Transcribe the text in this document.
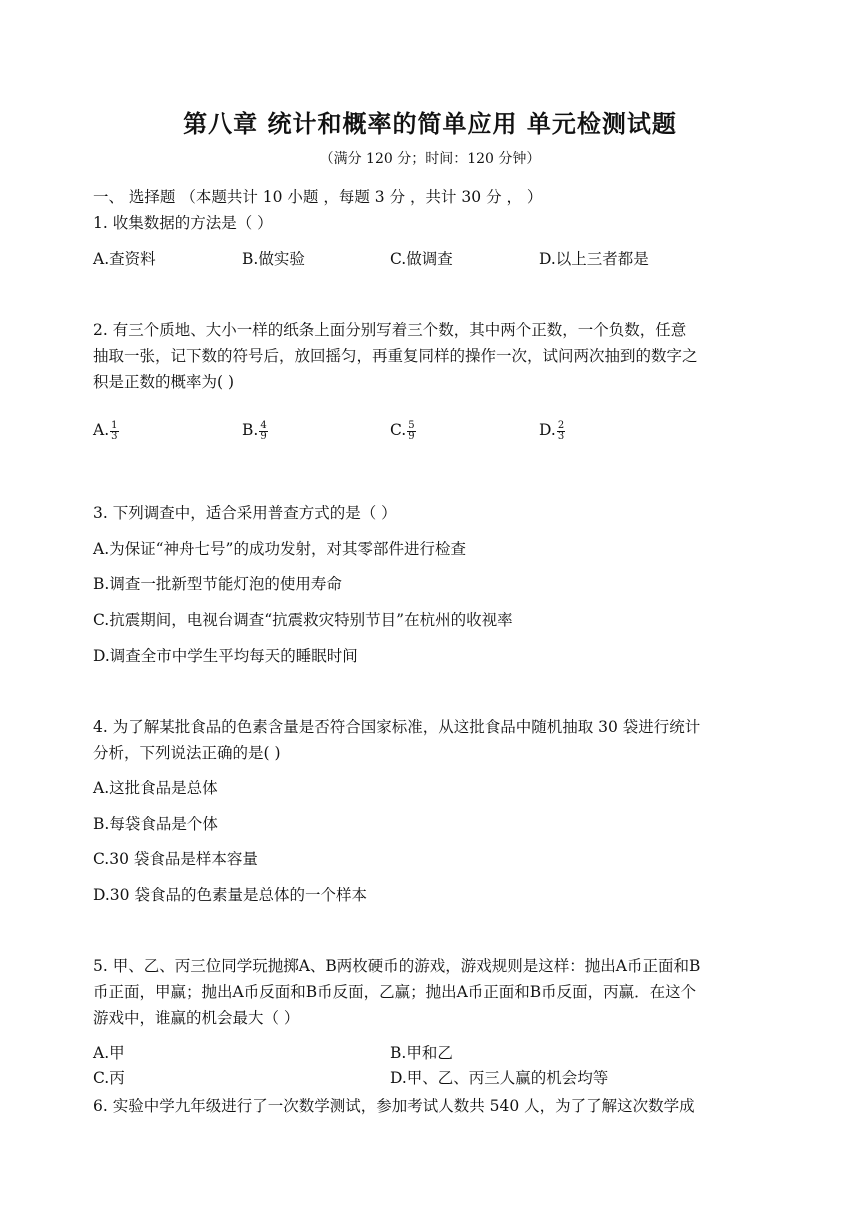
第八章 统计和概率的简单应用 单元检测试题
（满分 120 分；时间：120 分钟）
一、 选择题 （本题共计 10 小题 ，每题 3 分 ，共计 30 分 ， ）
1. 收集数据的方法是（ ）
A.查资料	B.做实验	C.做调查	D.以上三者都是
2. 有三个质地、大小一样的纸条上面分别写着三个数，其中两个正数，一个负数，任意
抽取一张，记下数的符号后，放回摇匀，再重复同样的操作一次，试问两次抽到的数字之
积是正数的概率为( )
A. $\frac{1}{3}$	B. $\frac{4}{9}$	C. $\frac{5}{9}$	D. $\frac{2}{3}$
3. 下列调查中，适合采用普查方式的是（ ）
A.为保证“神舟七号”的成功发射，对其零部件进行检查
B.调查一批新型节能灯泡的使用寿命
C.抗震期间，电视台调查“抗震救灾特别节目”在杭州的收视率
D.调查全市中学生平均每天的睡眠时间
4. 为了解某批食品的色素含量是否符合国家标准，从这批食品中随机抽取 30 袋进行统计
分析，下列说法正确的是( )
A.这批食品是总体
B.每袋食品是个体
C.30 袋食品是样本容量
D.30 袋食品的色素量是总体的一个样本
5. 甲、乙、丙三位同学玩抛掷A、B两枚硬币的游戏，游戏规则是这样：抛出A币正面和B
币正面，甲赢；抛出A币反面和B币反面，乙赢；抛出A币正面和B币反面，丙赢．在这个
游戏中，谁赢的机会最大（ ）
A.甲	B.甲和乙
C.丙	D.甲、乙、丙三人赢的机会均等
6. 实验中学九年级进行了一次数学测试，参加考试人数共 540 人，为了了解这次数学成
